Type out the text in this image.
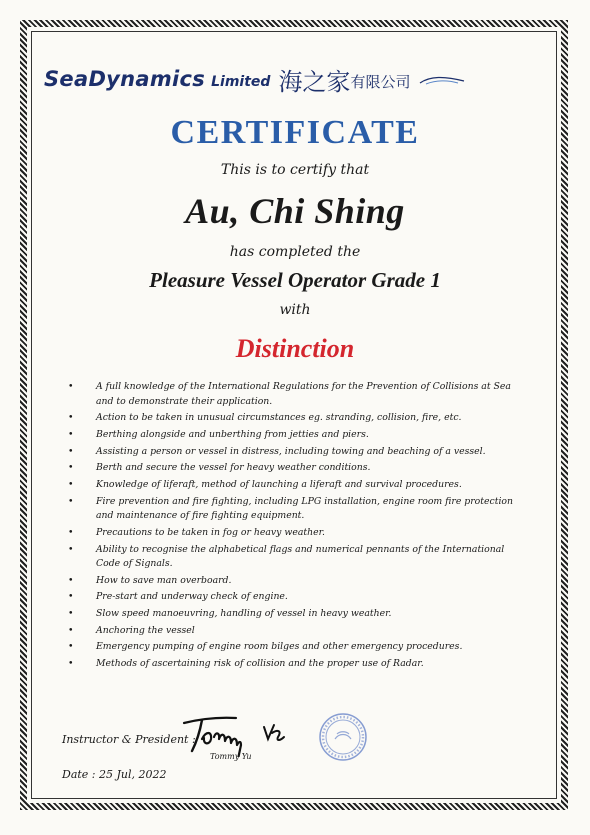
SeaDynamics Limited 海之家 有限公司
CERTIFICATE
This is to certify that
Au, Chi Shing
has completed the
Pleasure Vessel Operator Grade 1
with
Distinction
• A full knowledge of the International Regulations for the Prevention of Collisions at Sea and to demonstrate their application.
• Action to be taken in unusual circumstances eg. stranding, collision, fire, etc.
• Berthing alongside and unberthing from jetties and piers.
• Assisting a person or vessel in distress, including towing and beaching of a vessel.
• Berth and secure the vessel for heavy weather conditions.
• Knowledge of liferaft, method of launching a liferaft and survival procedures.
• Fire prevention and fire fighting, including LPG installation, engine room fire protection and maintenance of fire fighting equipment.
• Precautions to be taken in fog or heavy weather.
• Ability to recognise the alphabetical flags and numerical pennants of the International Code of Signals.
• How to save man overboard.
• Pre-start and underway check of engine.
• Slow speed manoeuvring, handling of vessel in heavy weather.
• Anchoring the vessel
• Emergency pumping of engine room bilges and other emergency procedures.
• Methods of ascertaining risk of collision and the proper use of Radar.
Instructor & President :
Tommy Yu
Date : 25 Jul, 2022
